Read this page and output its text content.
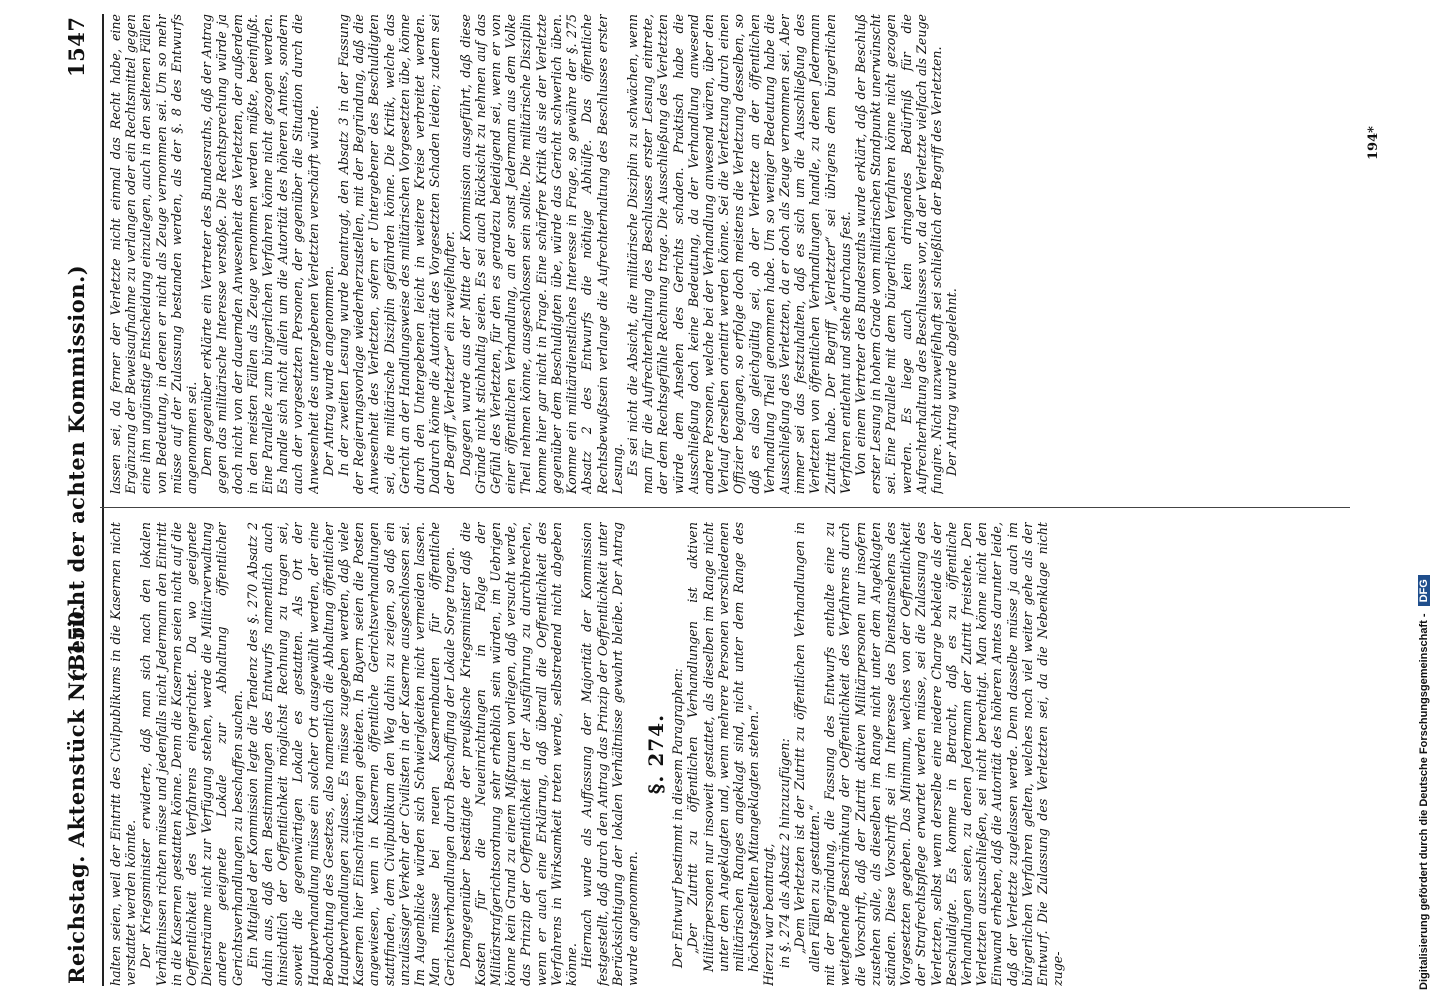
Reichstag. Aktenstück Nr. 150.
(Bericht der achten Kommission.)
1547

halten seien, weil der Eintritt des Civilpublikums in die Kasernen nicht verstattet werden könnte. Der Kriegsminister erwiderte, daß man sich nach den lokalen Verhältnissen richten müsse und jedenfalls nicht Jedermann den Eintritt in die Kasernen gestatten könne. Denn die Kasernen seien nicht auf die Oeffentlichkeit des Verfahrens eingerichtet. Da wo geeignete Diensträume nicht zur Verfügung stehen, werde die Militärverwaltung andere geeignete Lokale zur Abhaltung öffentlicher Gerichtsverhandlungen zu beschaffen suchen. Ein Mitglied der Kommission legte die Tendenz des §. 270 Absatz 2 dahin aus, daß den Bestimmungen des Entwurfs namentlich auch hinsichtlich der Oeffentlichkeit möglichst Rechnung zu tragen sei, soweit die gegenwärtigen Lokale es gestatten. Als Ort der Hauptverhandlung müsse ein solcher Ort ausgewählt werden, der eine Beobachtung des Gesetzes, also namentlich die Abhaltung öffentlicher Hauptverhandlungen zulasse. Es müsse zugegeben werden, daß viele Kasernen hier Einschränkungen gebieten. In Bayern seien die Posten angewiesen, wenn in Kasernen öffentliche Gerichtsverhandlungen stattfinden, dem Civilpublikum den Weg dahin zu zeigen, so daß ein unzulässiger Verkehr der Civilisten in der Kaserne ausgeschlossen sei. Im Augenblicke würden sich Schwierigkeiten nicht vermeiden lassen. Man müsse bei neuen Kasernenbauten für öffentliche Gerichtsverhandlungen durch Beschaffung der Lokale Sorge tragen. Demgegenüber bestätigte der preußische Kriegsminister daß die Kosten für die Neueinrichtungen in Folge der Militärstrafgerichtsordnung sehr erheblich sein würden, im Uebrigen könne kein Grund zu einem Mißtrauen vorliegen, daß versucht werde, das Prinzip der Oeffentlichkeit in der Ausführung zu durchbrechen, wenn er auch eine Erklärung, daß überall die Oeffentlichkeit des Verfahrens in Wirksamkeit treten werde, selbstredend nicht abgeben könne. Hiernach wurde als Auffassung der Majorität der Kommission festgestellt, daß durch den Antrag das Prinzip der Oeffentlichkeit unter Berücksichtigung der lokalen Verhältnisse gewahrt bleibe. Der Antrag wurde angenommen.

§. 274. Der Entwurf bestimmt in diesem Paragraphen: „Der Zutritt zu öffentlichen Verhandlungen ist aktiven Militärpersonen nur insoweit gestattet, als dieselben im Range nicht unter dem Angeklagten und, wenn mehrere Personen verschiedenen militärischen Ranges angeklagt sind, nicht unter dem Range des höchstgestellten Mitangeklagten stehen.“ Hierzu war beantragt, in §. 274 als Absatz 2 hinzuzufügen: „Dem Verletzten ist der Zutritt zu öffentlichen Verhandlungen in allen Fällen zu gestatten.“ mit der Begründung, die Fassung des Entwurfs enthalte eine zu weitgehende Beschränkung der Oeffentlichkeit des Verfahrens durch die Vorschrift, daß der Zutritt aktiven Militärpersonen nur insofern zustehen solle, als dieselben im Range nicht unter dem Angeklagten ständen. Diese Vorschrift sei im Interesse des Dienstansehens des Vorgesetzten gegeben. Das Minimum, welches von der Oeffentlichkeit der Strafrechtspflege erwartet werden müsse, sei die Zulassung des Verletzten, selbst wenn derselbe eine niedere Charge bekleide als der Beschuldigte. Es komme in Betracht, daß es zu öffentliche Verhandlungen seien, zu denen Jedermann der Zutritt freistehe. Den Verletzten auszuschließen, sei nicht berechtigt. Man könne nicht den Einwand erheben, daß die Autorität des höheren Amtes darunter leide, daß der Verletzte zugelassen werde. Denn dasselbe müsse ja auch im bürgerlichen Verfahren gelten, welches noch viel weiter gehe als der Entwurf. Die Zulassung des Verletzten sei, da die Nebenklage nicht zuge-

lassen sei, da ferner der Verletzte nicht einmal das Recht habe, eine Ergänzung der Beweisaufnahme zu verlangen oder ein Rechtsmittel gegen eine ihm ungünstige Entscheidung einzulegen, auch in den seltenen Fällen von Bedeutung, in denen er nicht als Zeuge vernommen sei. Um so mehr müsse auf der Zulassung bestanden werden, als der §. 8 des Entwurfs angenommen sei. Dem gegenüber erklärte ein Vertreter des Bundesraths, daß der Antrag gegen das militärische Interesse verstoße. Die Rechtsprechung würde ja doch nicht von der dauernden Anwesenheit des Verletzten, der außerdem in den meisten Fällen als Zeuge vernommen werden müßte, beeinflußt. Eine Parallele zum bürgerlichen Verfahren könne nicht gezogen werden. Es handle sich nicht allein um die Autorität des höheren Amtes, sondern auch der vorgesetzten Personen, der gegenüber die Situation durch die Anwesenheit des untergebenen Verletzten verschärft würde. Der Antrag wurde angenommen. In der zweiten Lesung wurde beantragt, den Absatz 3 in der Fassung der Regierungsvorlage wiederherzustellen, mit der Begründung, daß die Anwesenheit des Verletzten, sofern er Untergebener des Beschuldigten sei, die militärische Disziplin gefährden könne. Die Kritik, welche das Gericht an der Handlungsweise des militärischen Vorgesetzten übe, könne durch den Untergebenen leicht in weitere Kreise verbreitet werden. Dadurch könne die Autorität des Vorgesetzten Schaden leiden; zudem sei der Begriff „Verletzter“ ein zweifelhafter. Dagegen wurde aus der Mitte der Kommission ausgeführt, daß diese Gründe nicht stichhaltig seien. Es sei auch Rücksicht zu nehmen auf das Gefühl des Verletzten, für den es geradezu beleidigend sei, wenn er von einer öffentlichen Verhandlung, an der sonst Jedermann aus dem Volke Theil nehmen könne, ausgeschlossen sein sollte. Die militärische Disziplin komme hier gar nicht in Frage. Eine schärfere Kritik als sie der Verletzte gegenüber dem Beschuldigten übe, würde das Gericht schwerlich üben. Komme ein militärdienstliches Interesse in Frage, so gewähre der §. 275 Absatz 2 des Entwurfs die nöthige Abhülfe. Das öffentliche Rechtsbewußtsein verlange die Aufrechterhaltung des Beschlusses erster Lesung. Es sei nicht die Absicht, die militärische Disziplin zu schwächen, wenn man für die Aufrechterhaltung des Beschlusses erster Lesung eintrete, der dem Rechtsgefühle Rechnung trage. Die Ausschließung des Verletzten würde dem Ansehen des Gerichts schaden. Praktisch habe die Ausschließung doch keine Bedeutung, da der Verhandlung anwesend andere Personen, welche bei der Verhandlung anwesend wären, über den Verlauf derselben orientirt werden könne. Sei die Verletzung durch einen Offizier begangen, so erfolge doch meistens die Verletzung desselben, so daß es also gleichgültig sei, ob der Verletzte an der öffentlichen Verhandlung Theil genommen habe. Um so weniger Bedeutung habe die Ausschließung des Verletzten, da er doch als Zeuge vernommen sei. Aber immer sei das festzuhalten, daß es sich um die Ausschließung des Verletzten von öffentlichen Verhandlungen handle, zu denen Jedermann Zutritt habe. Der Begriff „Verletzter“ sei übrigens dem bürgerlichen Verfahren entlehnt und stehe durchaus fest. Von einem Vertreter des Bundesraths wurde erklärt, daß der Beschluß erster Lesung in hohem Grade vom militärischen Standpunkt unerwünscht sei. Eine Parallele mit dem bürgerlichen Verfahren könne nicht gezogen werden. Es liege auch kein dringendes Bedürfniß für die Aufrechterhaltung des Beschlusses vor, da der Verletzte vielfach als Zeuge fungire. Nicht unzweifelhaft sei schließlich der Begriff des Verletzten. Der Antrag wurde abgelehnt.

194*
Digitalisierung gefördert durch die Deutsche Forschungsgemeinschaft - DFG
